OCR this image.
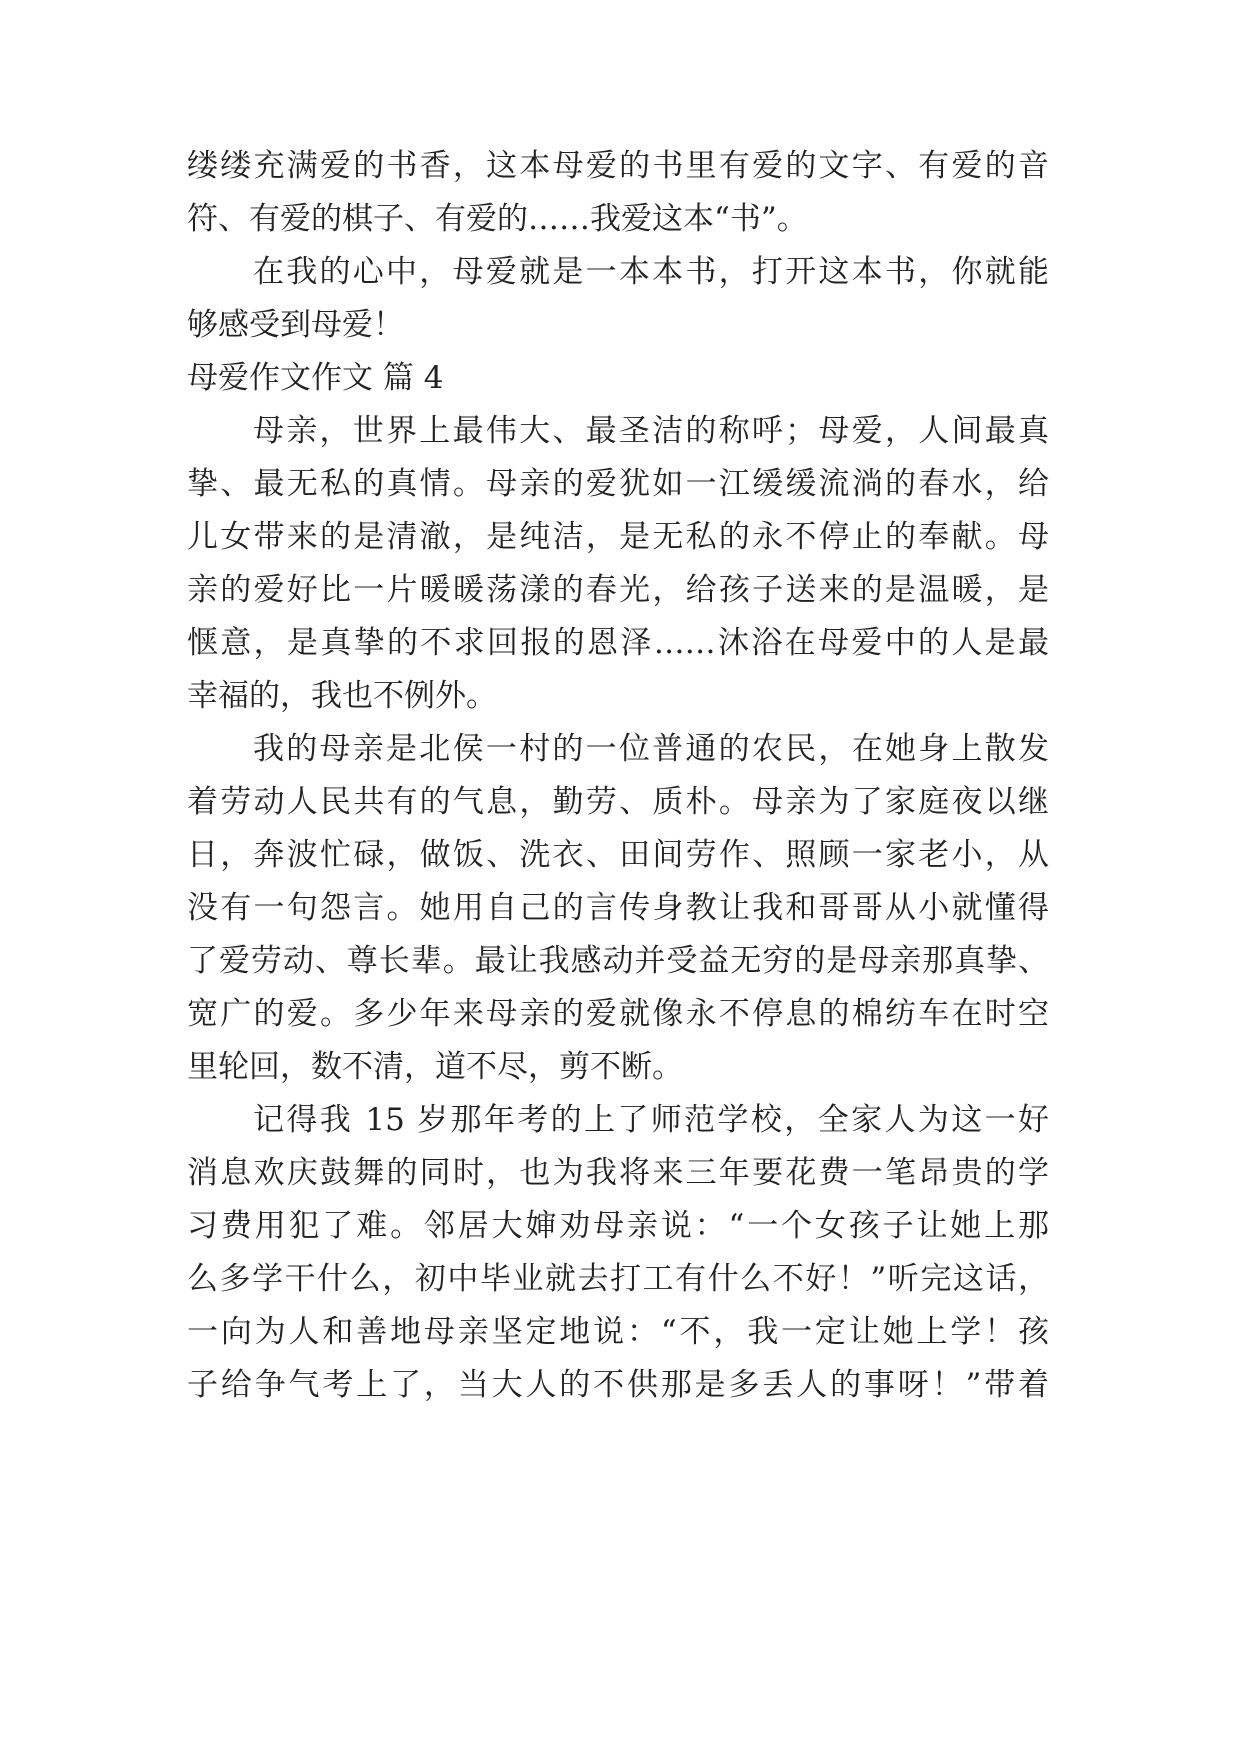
缕缕充满爱的书香，这本母爱的书里有爱的文字、有爱的音
符、有爱的棋子、有爱的……我爱这本“书”。
在我的心中，母爱就是一本本书，打开这本书，你就能
够感受到母爱！
母爱作文作文 篇 4
母亲，世界上最伟大、最圣洁的称呼；母爱，人间最真
挚、最无私的真情。母亲的爱犹如一江缓缓流淌的春水，给
儿女带来的是清澈，是纯洁，是无私的永不停止的奉献。母
亲的爱好比一片暖暖荡漾的春光，给孩子送来的是温暖，是
惬意，是真挚的不求回报的恩泽……沐浴在母爱中的人是最
幸福的，我也不例外。
我的母亲是北侯一村的一位普通的农民，在她身上散发
着劳动人民共有的气息，勤劳、质朴。母亲为了家庭夜以继
日，奔波忙碌，做饭、洗衣、田间劳作、照顾一家老小，从
没有一句怨言。她用自己的言传身教让我和哥哥从小就懂得
了爱劳动、尊长辈。最让我感动并受益无穷的是母亲那真挚、
宽广的爱。多少年来母亲的爱就像永不停息的棉纺车在时空
里轮回，数不清，道不尽，剪不断。
记得我 15 岁那年考的上了师范学校，全家人为这一好
消息欢庆鼓舞的同时，也为我将来三年要花费一笔昂贵的学
习费用犯了难。邻居大婶劝母亲说：“一个女孩子让她上那
么多学干什么，初中毕业就去打工有什么不好！”听完这话，
一向为人和善地母亲坚定地说：“不，我一定让她上学！孩
子给争气考上了，当大人的不供那是多丢人的事呀！”带着
